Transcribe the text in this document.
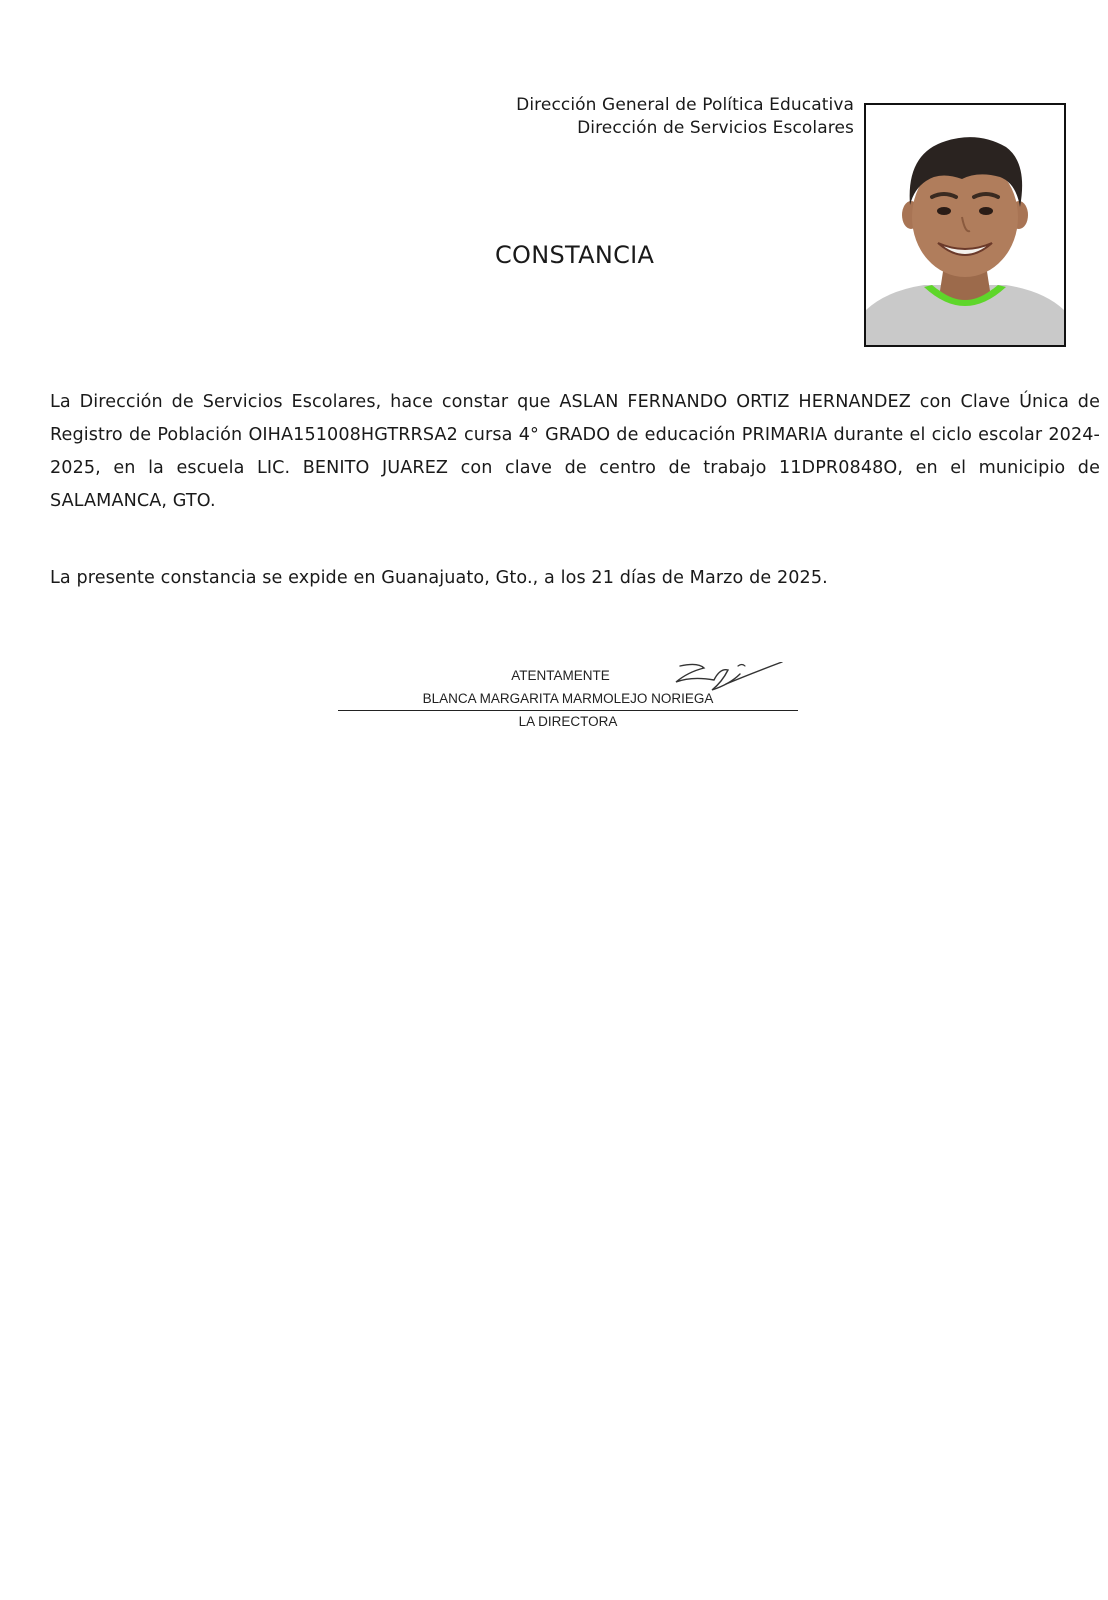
Dirección General de Política Educativa
Dirección de Servicios Escolares
CONSTANCIA
La Dirección de Servicios Escolares, hace constar que ASLAN FERNANDO ORTIZ HERNANDEZ con Clave Única de Registro de Población OIHA151008HGTRRSA2 cursa 4° GRADO de educación PRIMARIA durante el ciclo escolar 2024-2025, en la escuela LIC. BENITO JUAREZ con clave de centro de trabajo 11DPR0848O, en el municipio de SALAMANCA, GTO.
La presente constancia se expide en Guanajuato, Gto., a los 21 días de Marzo de 2025.
ATENTAMENTE
BLANCA MARGARITA MARMOLEJO NORIEGA
LA DIRECTORA
